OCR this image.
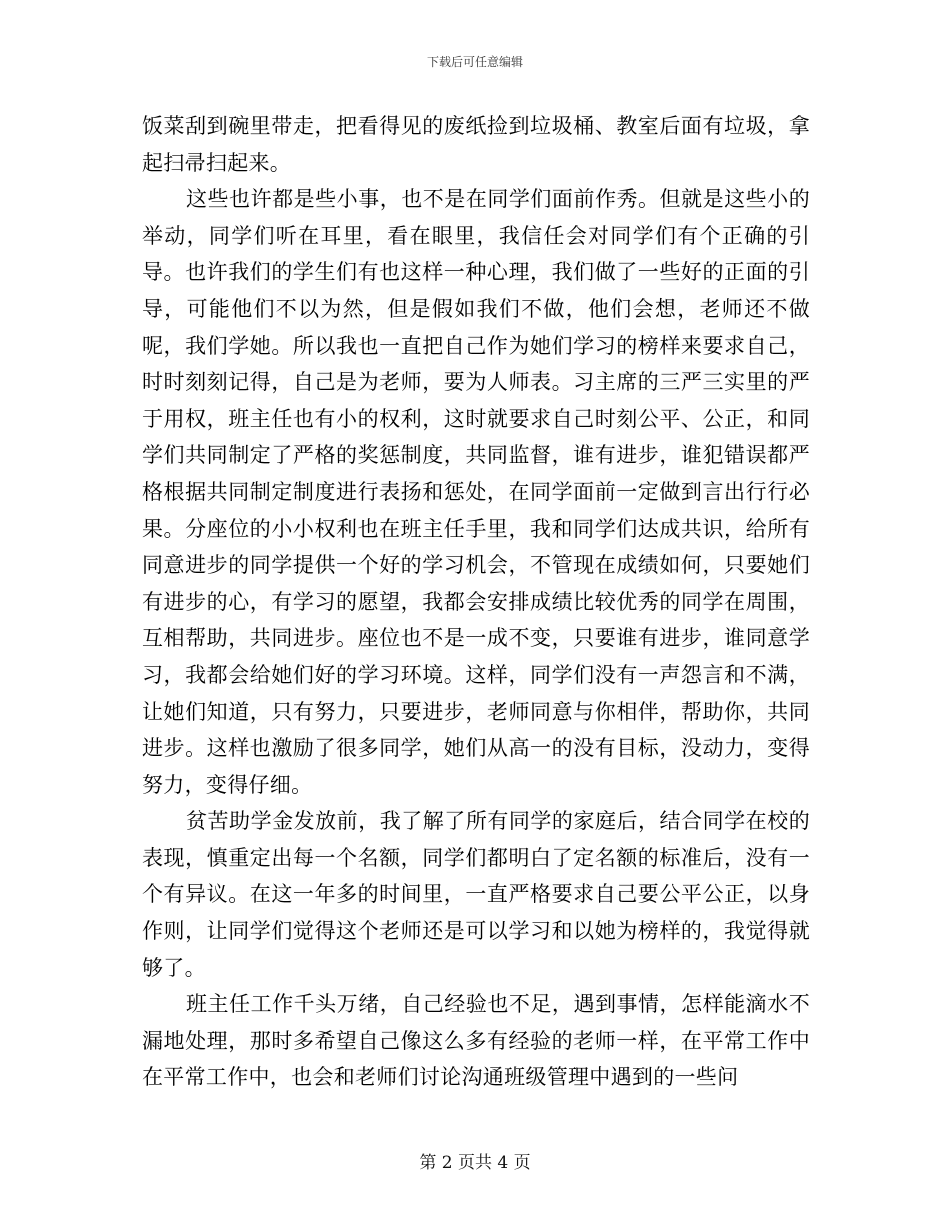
下载后可任意编辑

饭菜刮到碗里带走，把看得见的废纸捡到垃圾桶、教室后面有垃圾，拿起扫帚扫起来。

这些也许都是些小事，也不是在同学们面前作秀。但就是这些小的举动，同学们听在耳里，看在眼里，我信任会对同学们有个正确的引导。也许我们的学生们有也这样一种心理，我们做了一些好的正面的引导，可能他们不以为然，但是假如我们不做，他们会想，老师还不做呢，我们学她。所以我也一直把自己作为她们学习的榜样来要求自己，时时刻刻记得，自己是为老师，要为人师表。习主席的三严三实里的严于用权，班主任也有小的权利，这时就要求自己时刻公平、公正，和同学们共同制定了严格的奖惩制度，共同监督，谁有进步，谁犯错误都严格根据共同制定制度进行表扬和惩处，在同学面前一定做到言出行行必果。分座位的小小权利也在班主任手里，我和同学们达成共识，给所有同意进步的同学提供一个好的学习机会，不管现在成绩如何，只要她们有进步的心，有学习的愿望，我都会安排成绩比较优秀的同学在周围，互相帮助，共同进步。座位也不是一成不变，只要谁有进步，谁同意学习，我都会给她们好的学习环境。这样，同学们没有一声怨言和不满，让她们知道，只有努力，只要进步，老师同意与你相伴，帮助你，共同进步。这样也激励了很多同学，她们从高一的没有目标，没动力，变得努力，变得仔细。

贫苦助学金发放前，我了解了所有同学的家庭后，结合同学在校的表现，慎重定出每一个名额，同学们都明白了定名额的标准后，没有一个有异议。在这一年多的时间里，一直严格要求自己要公平公正，以身作则，让同学们觉得这个老师还是可以学习和以她为榜样的，我觉得就够了。

班主任工作千头万绪，自己经验也不足，遇到事情，怎样能滴水不漏地处理，那时多希望自己像这么多有经验的老师一样，在平常工作中在平常工作中，也会和老师们讨论沟通班级管理中遇到的一些问

第 2 页共 4 页
